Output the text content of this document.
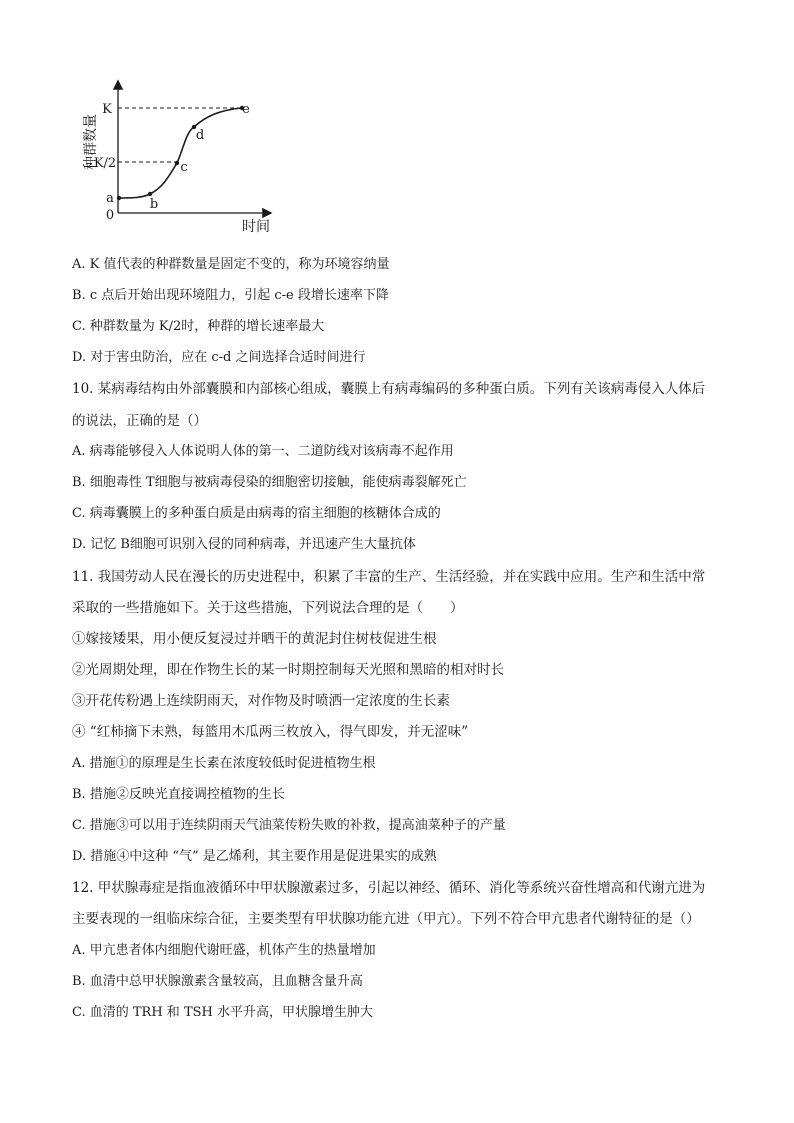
种群数量
时间
0
K
K/2
a	b
c
d
e
A. K 值代表的种群数量是固定不变的，称为环境容纳量
B. c 点后开始出现环境阻力，引起 c-e 段增长速率下降
C. 种群数量为 K/2时，种群的增长速率最大
D. 对于害虫防治，应在 c-d 之间选择合适时间进行
10. 某病毒结构由外部囊膜和内部核心组成，囊膜上有病毒编码的多种蛋白质。下列有关该病毒侵入人体后
的说法，正确的是（）
A. 病毒能够侵入人体说明人体的第一、二道防线对该病毒不起作用
B. 细胞毒性 T细胞与被病毒侵染的细胞密切接触，能使病毒裂解死亡
C. 病毒囊膜上的多种蛋白质是由病毒的宿主细胞的核糖体合成的
D. 记忆 B细胞可识别入侵的同种病毒，并迅速产生大量抗体
11. 我国劳动人民在漫长的历史进程中，积累了丰富的生产、生活经验，并在实践中应用。生产和生活中常
采取的一些措施如下。关于这些措施，下列说法合理的是（　　）
①嫁接矮果，用小便反复浸过并晒干的黄泥封住树枝促进生根
②光周期处理，即在作物生长的某一时期控制每天光照和黑暗的相对时长
③开花传粉遇上连续阴雨天，对作物及时喷洒一定浓度的生长素
④ “红柿摘下未熟，每篮用木瓜两三枚放入，得气即发，并无涩味”
A. 措施①的原理是生长素在浓度较低时促进植物生根
B. 措施②反映光直接调控植物的生长
C. 措施③可以用于连续阴雨天气油菜传粉失败的补救，提高油菜种子的产量
D. 措施④中这种 “气” 是乙烯利，其主要作用是促进果实的成熟
12. 甲状腺毒症是指血液循环中甲状腺激素过多，引起以神经、循环、消化等系统兴奋性增高和代谢亢进为
主要表现的一组临床综合征，主要类型有甲状腺功能亢进（甲亢）。下列不符合甲亢患者代谢特征的是（）
A. 甲亢患者体内细胞代谢旺盛，机体产生的热量增加
B. 血清中总甲状腺激素含量较高，且血糖含量升高
C. 血清的 TRH 和 TSH 水平升高，甲状腺增生肿大
